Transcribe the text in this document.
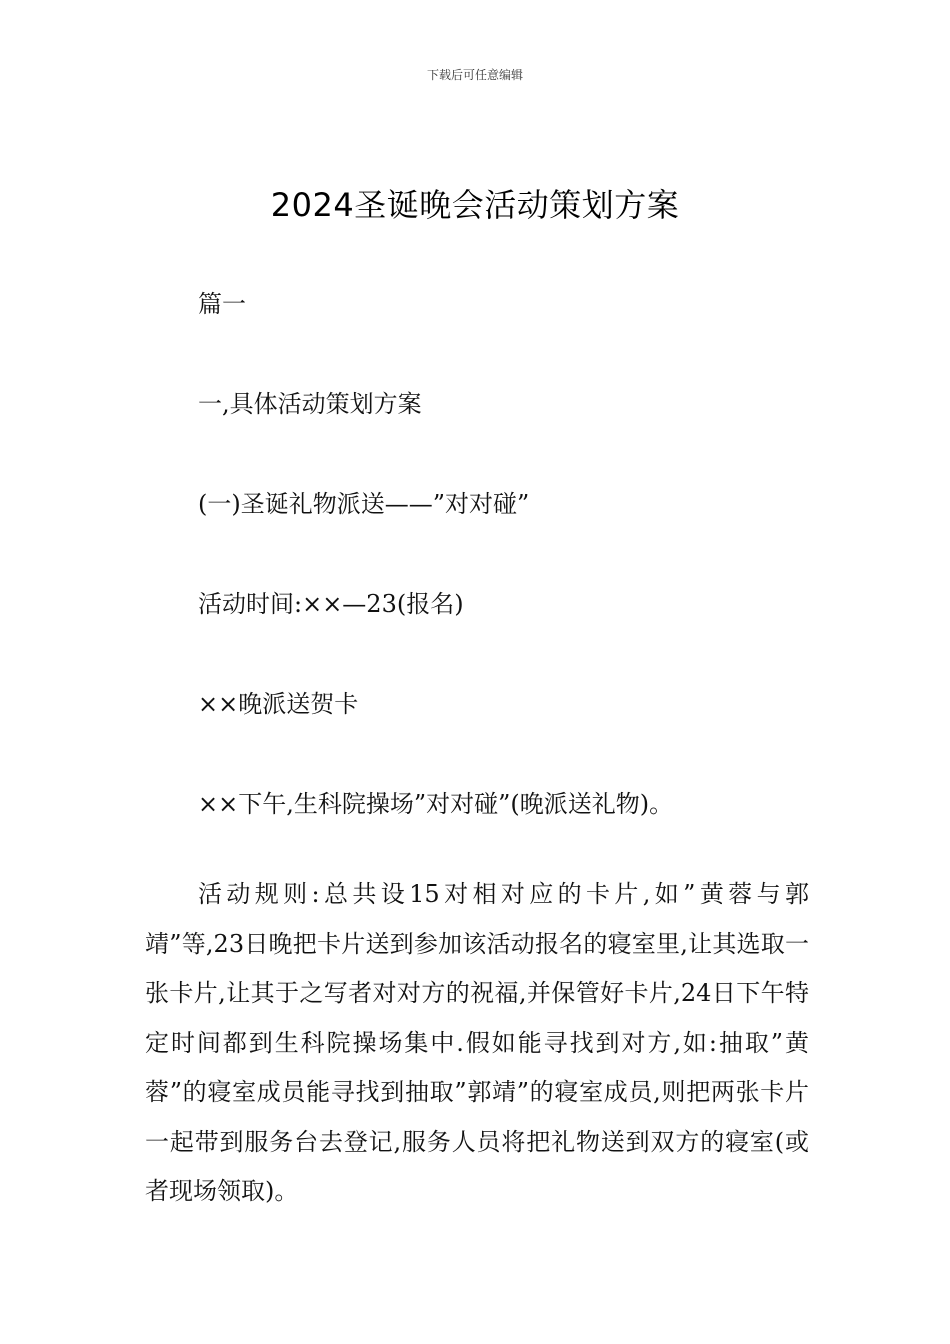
下载后可任意编辑
2024圣诞晚会活动策划方案

篇一

一,具体活动策划方案

(一)圣诞礼物派送——”对对碰”

活动时间:××—23(报名)

××晚派送贺卡

××下午,生科院操场”对对碰”(晚派送礼物)。

活动规则:总共设15对相对应的卡片,如”黄蓉与郭靖”等,23日晚把卡片送到参加该活动报名的寝室里,让其选取一张卡片,让其于之写者对对方的祝福,并保管好卡片,24日下午特定时间都到生科院操场集中.假如能寻找到对方,如:抽取”黄蓉”的寝室成员能寻找到抽取”郭靖”的寝室成员,则把两张卡片一起带到服务台去登记,服务人员将把礼物送到双方的寝室(或者现场领取)。
